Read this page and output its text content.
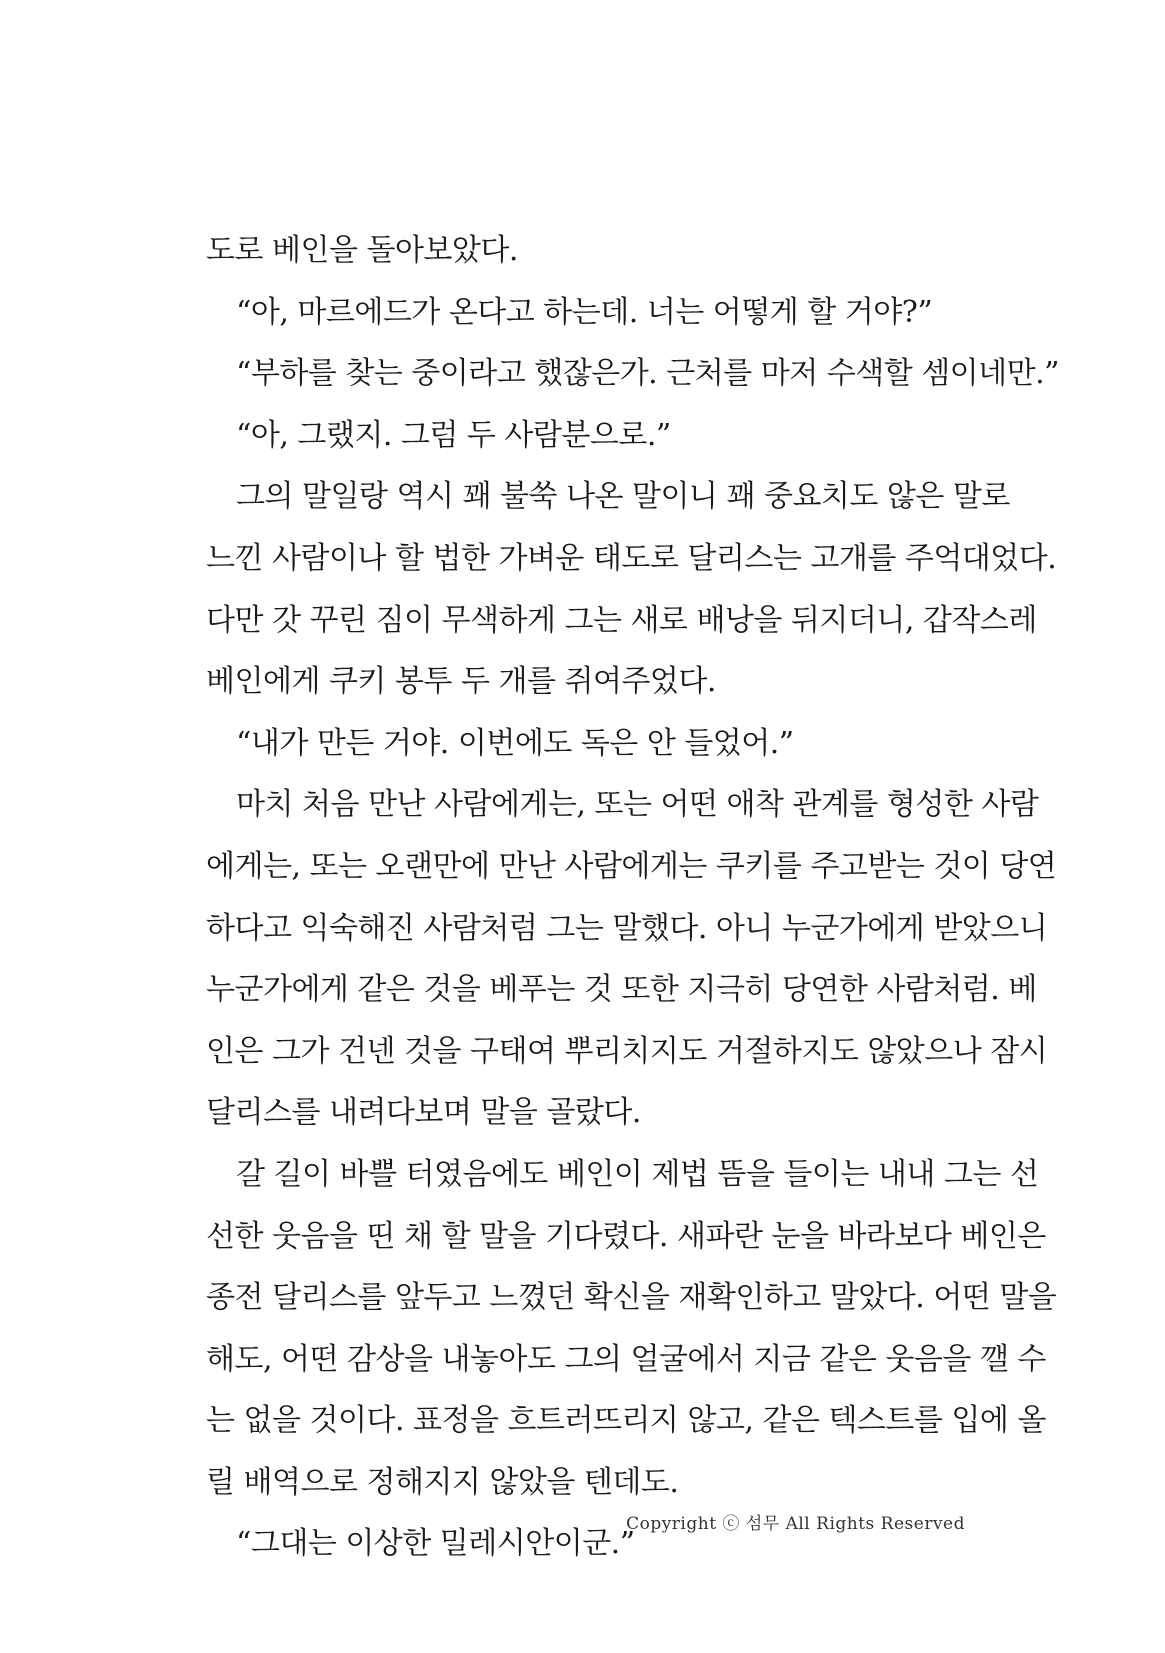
도로 베인을 돌아보았다.
“아, 마르에드가 온다고 하는데. 너는 어떻게 할 거야?”
“부하를 찾는 중이라고 했잖은가. 근처를 마저 수색할 셈이네만.”
“아, 그랬지. 그럼 두 사람분으로.”
그의 말일랑 역시 꽤 불쑥 나온 말이니 꽤 중요치도 않은 말로
느낀 사람이나 할 법한 가벼운 태도로 달리스는 고개를 주억대었다.
다만 갓 꾸린 짐이 무색하게 그는 새로 배낭을 뒤지더니, 갑작스레
베인에게 쿠키 봉투 두 개를 쥐여주었다.
“내가 만든 거야. 이번에도 독은 안 들었어.”
마치 처음 만난 사람에게는, 또는 어떤 애착 관계를 형성한 사람
에게는, 또는 오랜만에 만난 사람에게는 쿠키를 주고받는 것이 당연
하다고 익숙해진 사람처럼 그는 말했다. 아니 누군가에게 받았으니
누군가에게 같은 것을 베푸는 것 또한 지극히 당연한 사람처럼. 베
인은 그가 건넨 것을 구태여 뿌리치지도 거절하지도 않았으나 잠시
달리스를 내려다보며 말을 골랐다.
갈 길이 바쁠 터였음에도 베인이 제법 뜸을 들이는 내내 그는 선
선한 웃음을 띤 채 할 말을 기다렸다. 새파란 눈을 바라보다 베인은
종전 달리스를 앞두고 느꼈던 확신을 재확인하고 말았다. 어떤 말을
해도, 어떤 감상을 내놓아도 그의 얼굴에서 지금 같은 웃음을 깰 수
는 없을 것이다. 표정을 흐트러뜨리지 않고, 같은 텍스트를 입에 올
릴 배역으로 정해지지 않았을 텐데도.
“그대는 이상한 밀레시안이군.”
Copyright ⓒ 섬무 All Rights Reserved
